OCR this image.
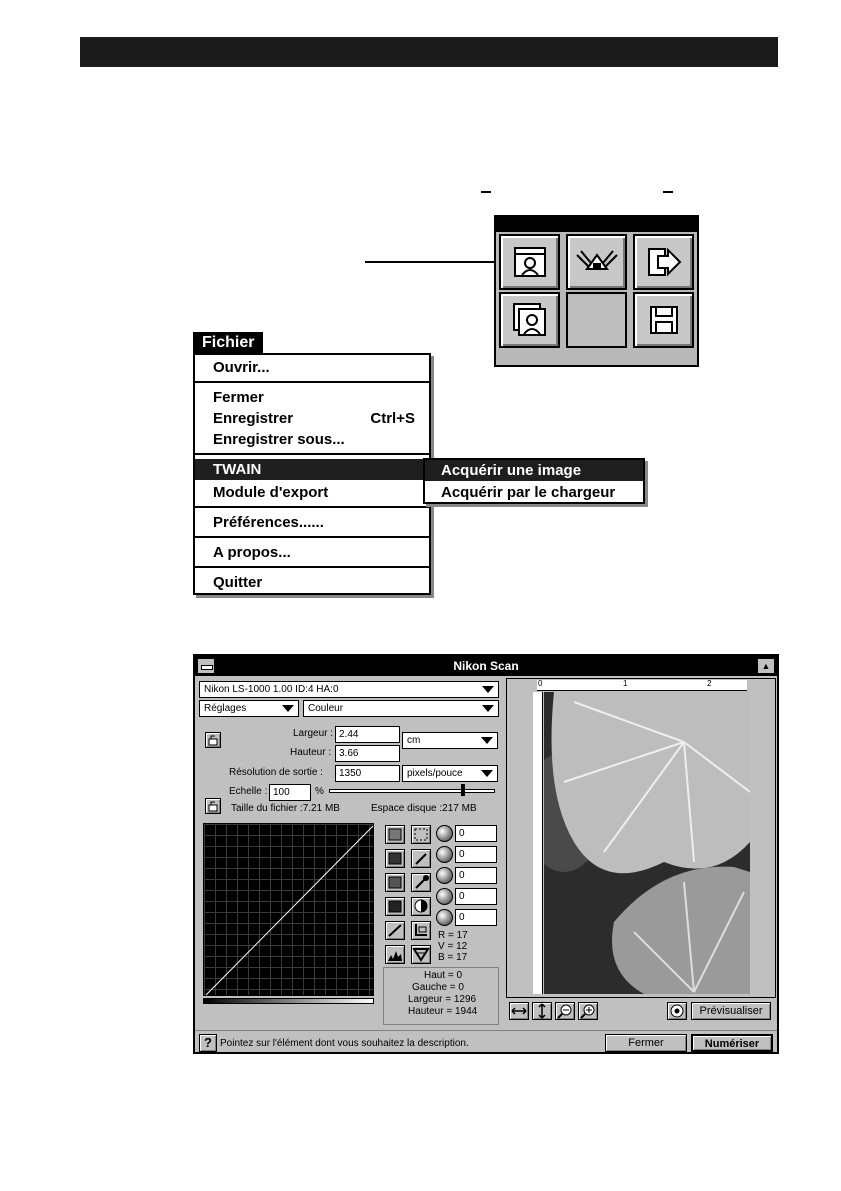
Fichier
Ouvrir...
Fermer
Enregistrer	Ctrl+S
Enregistrer sous...
TWAIN
Module d'export
Préférences......
A propos...
Quitter
Acquérir une image
Acquérir par le chargeur
Nikon Scan	▲
Nikon LS-1000 1.00 ID:4 HA:0
Réglages	Couleur
Largeur : 2.44
Hauteur : 3.66
cm
Résolution de sortie :	1350	pixels/pouce
Echelle : 100	%
Taille du fichier :7.21 MB	Espace disque :217 MB
0
0
0
0
0
R = 17
V = 12
B = 17
Haut = 0
Gauche = 0
Largeur = 1296
Hauteur = 1944
0	1	2
Prévisualiser
? Pointez sur l'élément dont vous souhaitez la description.	Fermer	Numériser
